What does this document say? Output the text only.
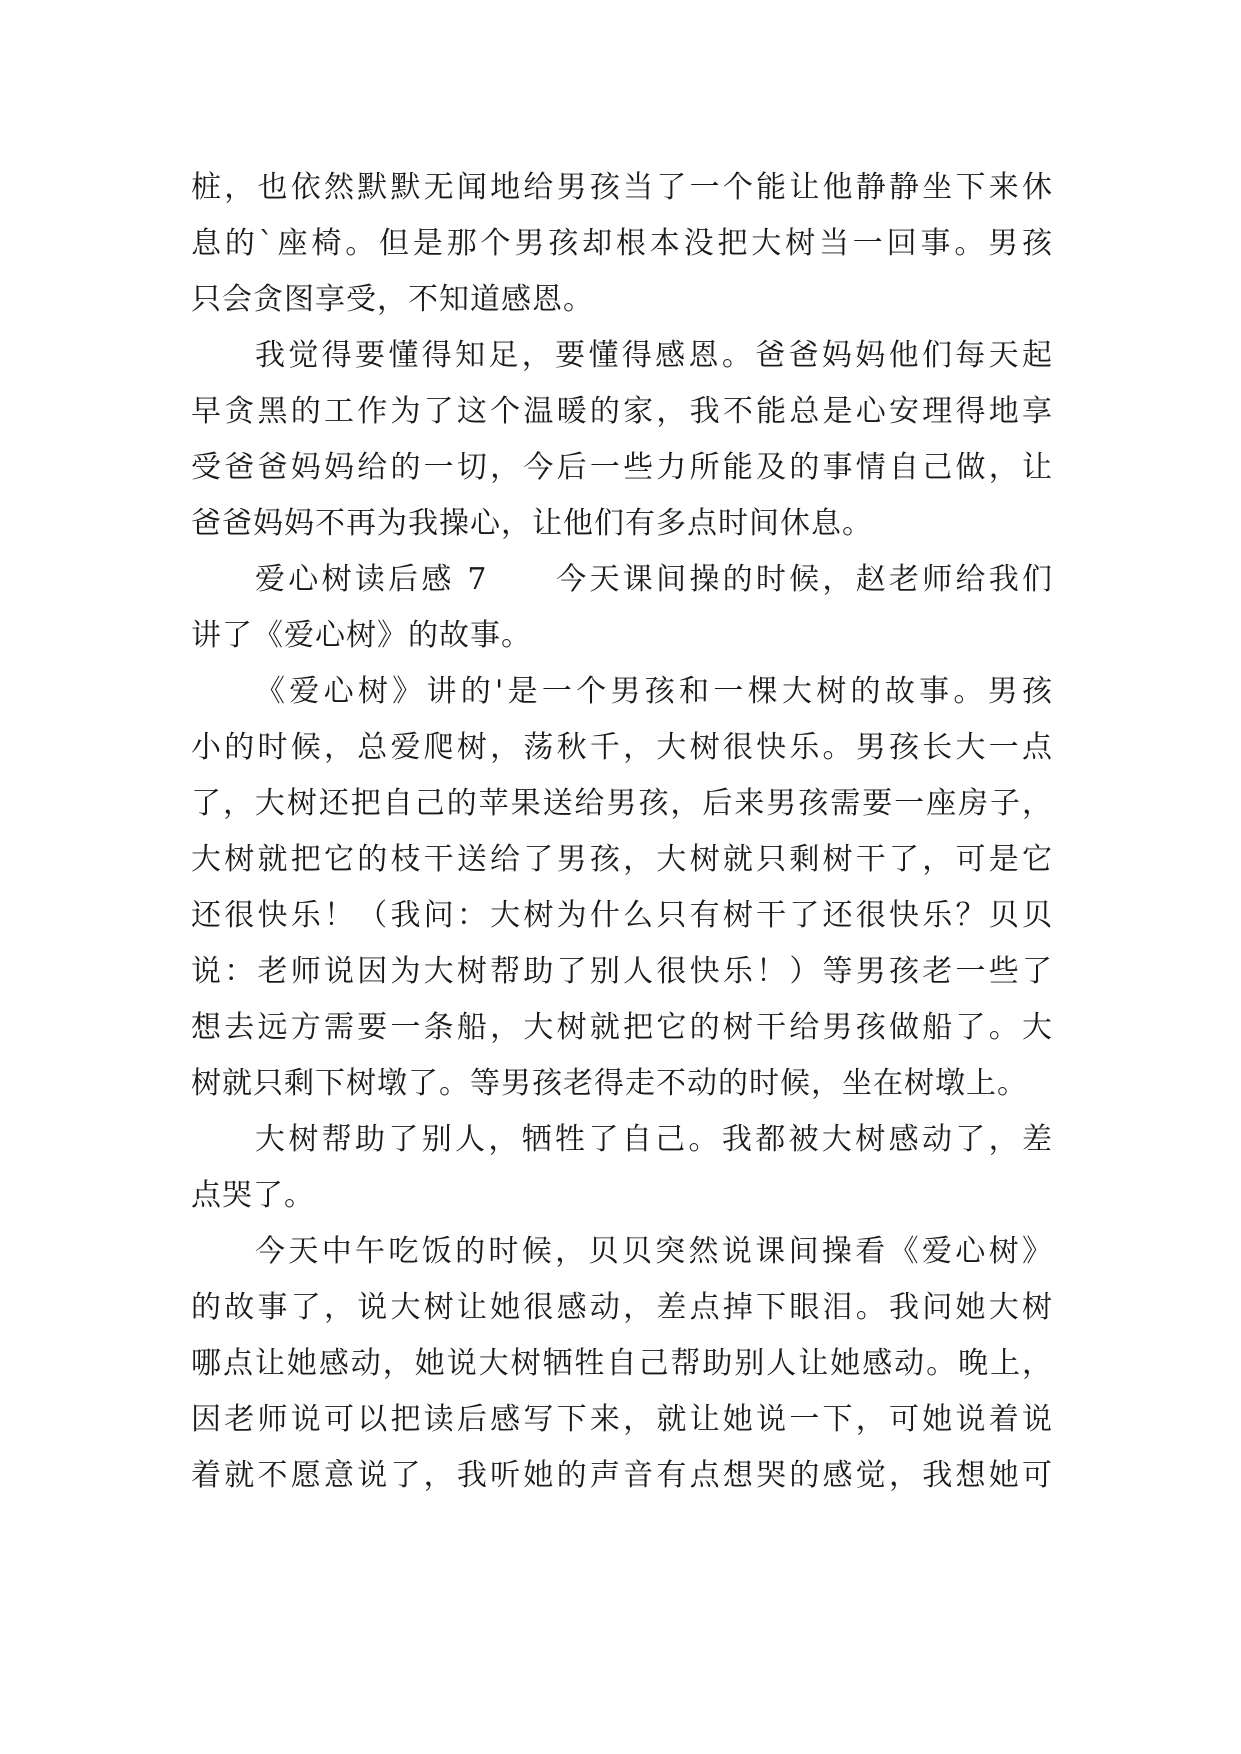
桩，也依然默默无闻地给男孩当了一个能让他静静坐下来休
息的`座椅。但是那个男孩却根本没把大树当一回事。男孩
只会贪图享受，不知道感恩。
我觉得要懂得知足，要懂得感恩。爸爸妈妈他们每天起
早贪黑的工作为了这个温暖的家，我不能总是心安理得地享
受爸爸妈妈给的一切，今后一些力所能及的事情自己做，让
爸爸妈妈不再为我操心，让他们有多点时间休息。
爱心树读后感 7　　今天课间操的时候，赵老师给我们
讲了《爱心树》的故事。
《爱心树》讲的'是一个男孩和一棵大树的故事。男孩
小的时候，总爱爬树，荡秋千，大树很快乐。男孩长大一点
了，大树还把自己的苹果送给男孩，后来男孩需要一座房子，
大树就把它的枝干送给了男孩，大树就只剩树干了，可是它
还很快乐！（我问：大树为什么只有树干了还很快乐？贝贝
说：老师说因为大树帮助了别人很快乐！）等男孩老一些了
想去远方需要一条船，大树就把它的树干给男孩做船了。大
树就只剩下树墩了。等男孩老得走不动的时候，坐在树墩上。
大树帮助了别人，牺牲了自己。我都被大树感动了，差
点哭了。
今天中午吃饭的时候，贝贝突然说课间操看《爱心树》
的故事了，说大树让她很感动，差点掉下眼泪。我问她大树
哪点让她感动，她说大树牺牲自己帮助别人让她感动。晚上，
因老师说可以把读后感写下来，就让她说一下，可她说着说
着就不愿意说了，我听她的声音有点想哭的感觉，我想她可
